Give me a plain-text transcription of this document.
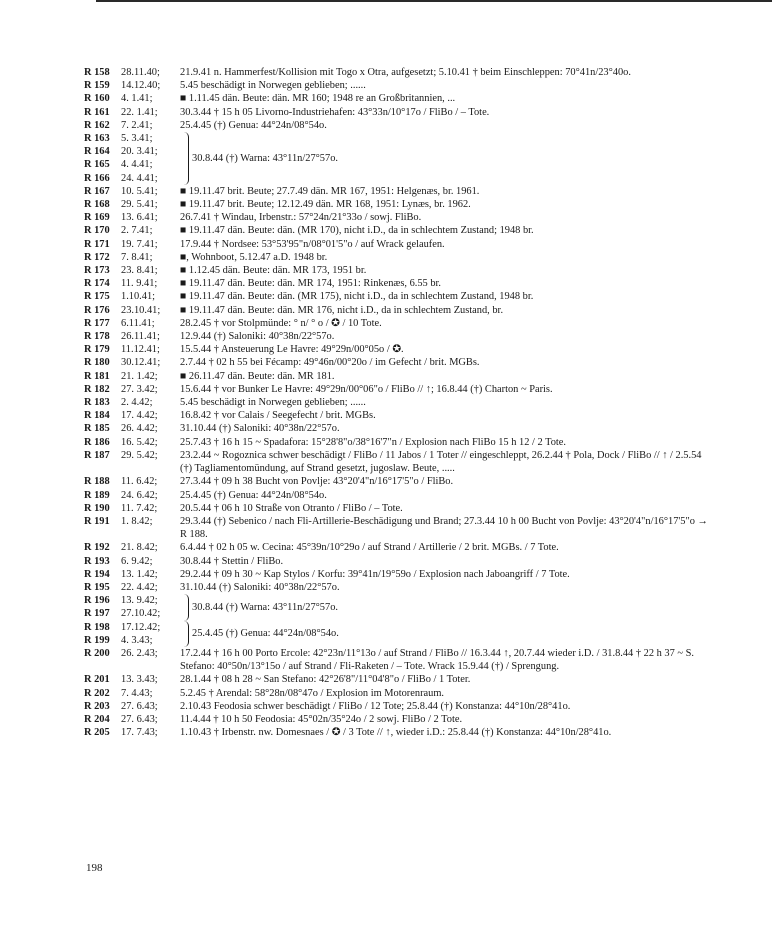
R 158	28.11.40;	21.9.41 n. Hammerfest/Kollision mit Togo x Otra, aufgesetzt; 5.10.41 † beim Einschleppen: 70°41n/23°40o.
R 159	14.12.40;	5.45 beschädigt in Norwegen geblieben; ......
R 160	4. 1.41;	■ 1.11.45 dän. Beute: dän. MR 160; 1948 re an Großbritannien, ...
R 161	22. 1.41;	30.3.44 † 15 h 05 Livorno-Industriehafen: 43°33n/10°17o / FliBo / – Tote.
R 162	7. 2.41;	25.4.45 (†) Genua: 44°24n/08°54o.
R 163	5. 3.41;
R 164	20. 3.41;
R 165	4. 4.41;
R 166	24. 4.41;
30.8.44 (†) Warna: 43°11n/27°57o.
R 167	10. 5.41;	■ 19.11.47 brit. Beute; 27.7.49 dän. MR 167, 1951: Helgenæs, br. 1961.
R 168	29. 5.41;	■ 19.11.47 brit. Beute; 12.12.49 dän. MR 168, 1951: Lynæs, br. 1962.
R 169	13. 6.41;	26.7.41 † Windau, Irbenstr.: 57°24n/21°33o / sowj. FliBo.
R 170	2. 7.41;	■ 19.11.47 dän. Beute: dän. (MR 170), nicht i.D., da in schlechtem Zustand; 1948 br.
R 171	19. 7.41;	17.9.44 † Nordsee: 53°53'95"n/08°01'5"o / auf Wrack gelaufen.
R 172	7. 8.41;	■, Wohnboot, 5.12.47 a.D. 1948 br.
R 173	23. 8.41;	■ 1.12.45 dän. Beute: dän. MR 173, 1951 br.
R 174	11. 9.41;	■ 19.11.47 dän. Beute: dän. MR 174, 1951: Rinkenæs, 6.55 br.
R 175	1.10.41;	■ 19.11.47 dän. Beute: dän. (MR 175), nicht i.D., da in schlechtem Zustand, 1948 br.
R 176	23.10.41;	■ 19.11.47 dän. Beute: dän. MR 176, nicht i.D., da in schlechtem Zustand, br.
R 177	6.11.41;	28.2.45 † vor Stolpmünde: ° n/ ° o / ✪ / 10 Tote.
R 178	26.11.41;	12.9.44 (†) Saloniki: 40°38n/22°57o.
R 179	11.12.41;	15.5.44 † Ansteuerung Le Havre: 49°29n/00°05o / ✪.
R 180	30.12.41;	2.7.44 † 02 h 55 bei Fécamp: 49°46n/00°20o / im Gefecht / brit. MGBs.
R 181	21. 1.42;	■ 26.11.47 dän. Beute: dän. MR 181.
R 182	27. 3.42;	15.6.44 † vor Bunker Le Havre: 49°29n/00°06"o / FliBo // ↑; 16.8.44 (†) Charton ~ Paris.
R 183	2. 4.42;	5.45 beschädigt in Norwegen geblieben; ......
R 184	17. 4.42;	16.8.42 † vor Calais / Seegefecht / brit. MGBs.
R 185	26. 4.42;	31.10.44 (†) Saloniki: 40°38n/22°57o.
R 186	16. 5.42;	25.7.43 † 16 h 15 ~ Spadafora: 15°28'8"o/38°16'7"n / Explosion nach FliBo 15 h 12 / 2 Tote.
R 187	29. 5.42;	23.2.44 ~ Rogoznica schwer beschädigt / FliBo / 11 Jabos / 1 Toter // eingeschleppt, 26.2.44 † Pola, Dock / FliBo // ↑ / 2.5.54 (†) Tagliamentomündung, auf Strand gesetzt, jugoslaw. Beute, .....
R 188	11. 6.42;	27.3.44 † 09 h 38 Bucht von Povlje: 43°20'4"n/16°17'5"o / FliBo.
R 189	24. 6.42;	25.4.45 (†) Genua: 44°24n/08°54o.
R 190	11. 7.42;	20.5.44 † 06 h 10 Straße von Otranto / FliBo / – Tote.
R 191	1. 8.42;	29.3.44 (†) Sebenico / nach Fli-Artillerie-Beschädigung und Brand; 27.3.44 10 h 00 Bucht von Povlje: 43°20'4"n/16°17'5"o → R 188.
R 192	21. 8.42;	6.4.44 † 02 h 05 w. Cecina: 45°39n/10°29o / auf Strand / Artillerie / 2 brit. MGBs. / 7 Tote.
R 193	6. 9.42;	30.8.44 † Stettin / FliBo.
R 194	13. 1.42;	29.2.44 † 09 h 30 ~ Kap Stylos / Korfu: 39°41n/19°59o / Explosion nach Jaboangriff / 7 Tote.
R 195	22. 4.42;	31.10.44 (†) Saloniki: 40°38n/22°57o.
R 196	13. 9.42;
R 197	27.10.42;
30.8.44 (†) Warna: 43°11n/27°57o.
R 198	17.12.42;
R 199	4. 3.43;
25.4.45 (†) Genua: 44°24n/08°54o.
R 200	26. 2.43;	17.2.44 † 16 h 00 Porto Ercole: 42°23n/11°13o / auf Strand / FliBo // 16.3.44 ↑, 20.7.44 wieder i.D. / 31.8.44 † 22 h 37 ~ S. Stefano: 40°50n/13°15o / auf Strand / Fli-Raketen / – Tote. Wrack 15.9.44 (†) / Sprengung.
R 201	13. 3.43;	28.1.44 † 08 h 28 ~ San Stefano: 42°26'8"/11°04'8"o / FliBo / 1 Toter.
R 202	7. 4.43;	5.2.45 † Arendal: 58°28n/08°47o / Explosion im Motorenraum.
R 203	27. 6.43;	2.10.43 Feodosia schwer beschädigt / FliBo / 12 Tote; 25.8.44 (†) Konstanza: 44°10n/28°41o.
R 204	27. 6.43;	11.4.44 † 10 h 50 Feodosia: 45°02n/35°24o / 2 sowj. FliBo / 2 Tote.
R 205	17. 7.43;	1.10.43 † Irbenstr. nw. Domesnaes / ✪ / 3 Tote // ↑, wieder i.D.: 25.8.44 (†) Konstanza: 44°10n/28°41o.
198
